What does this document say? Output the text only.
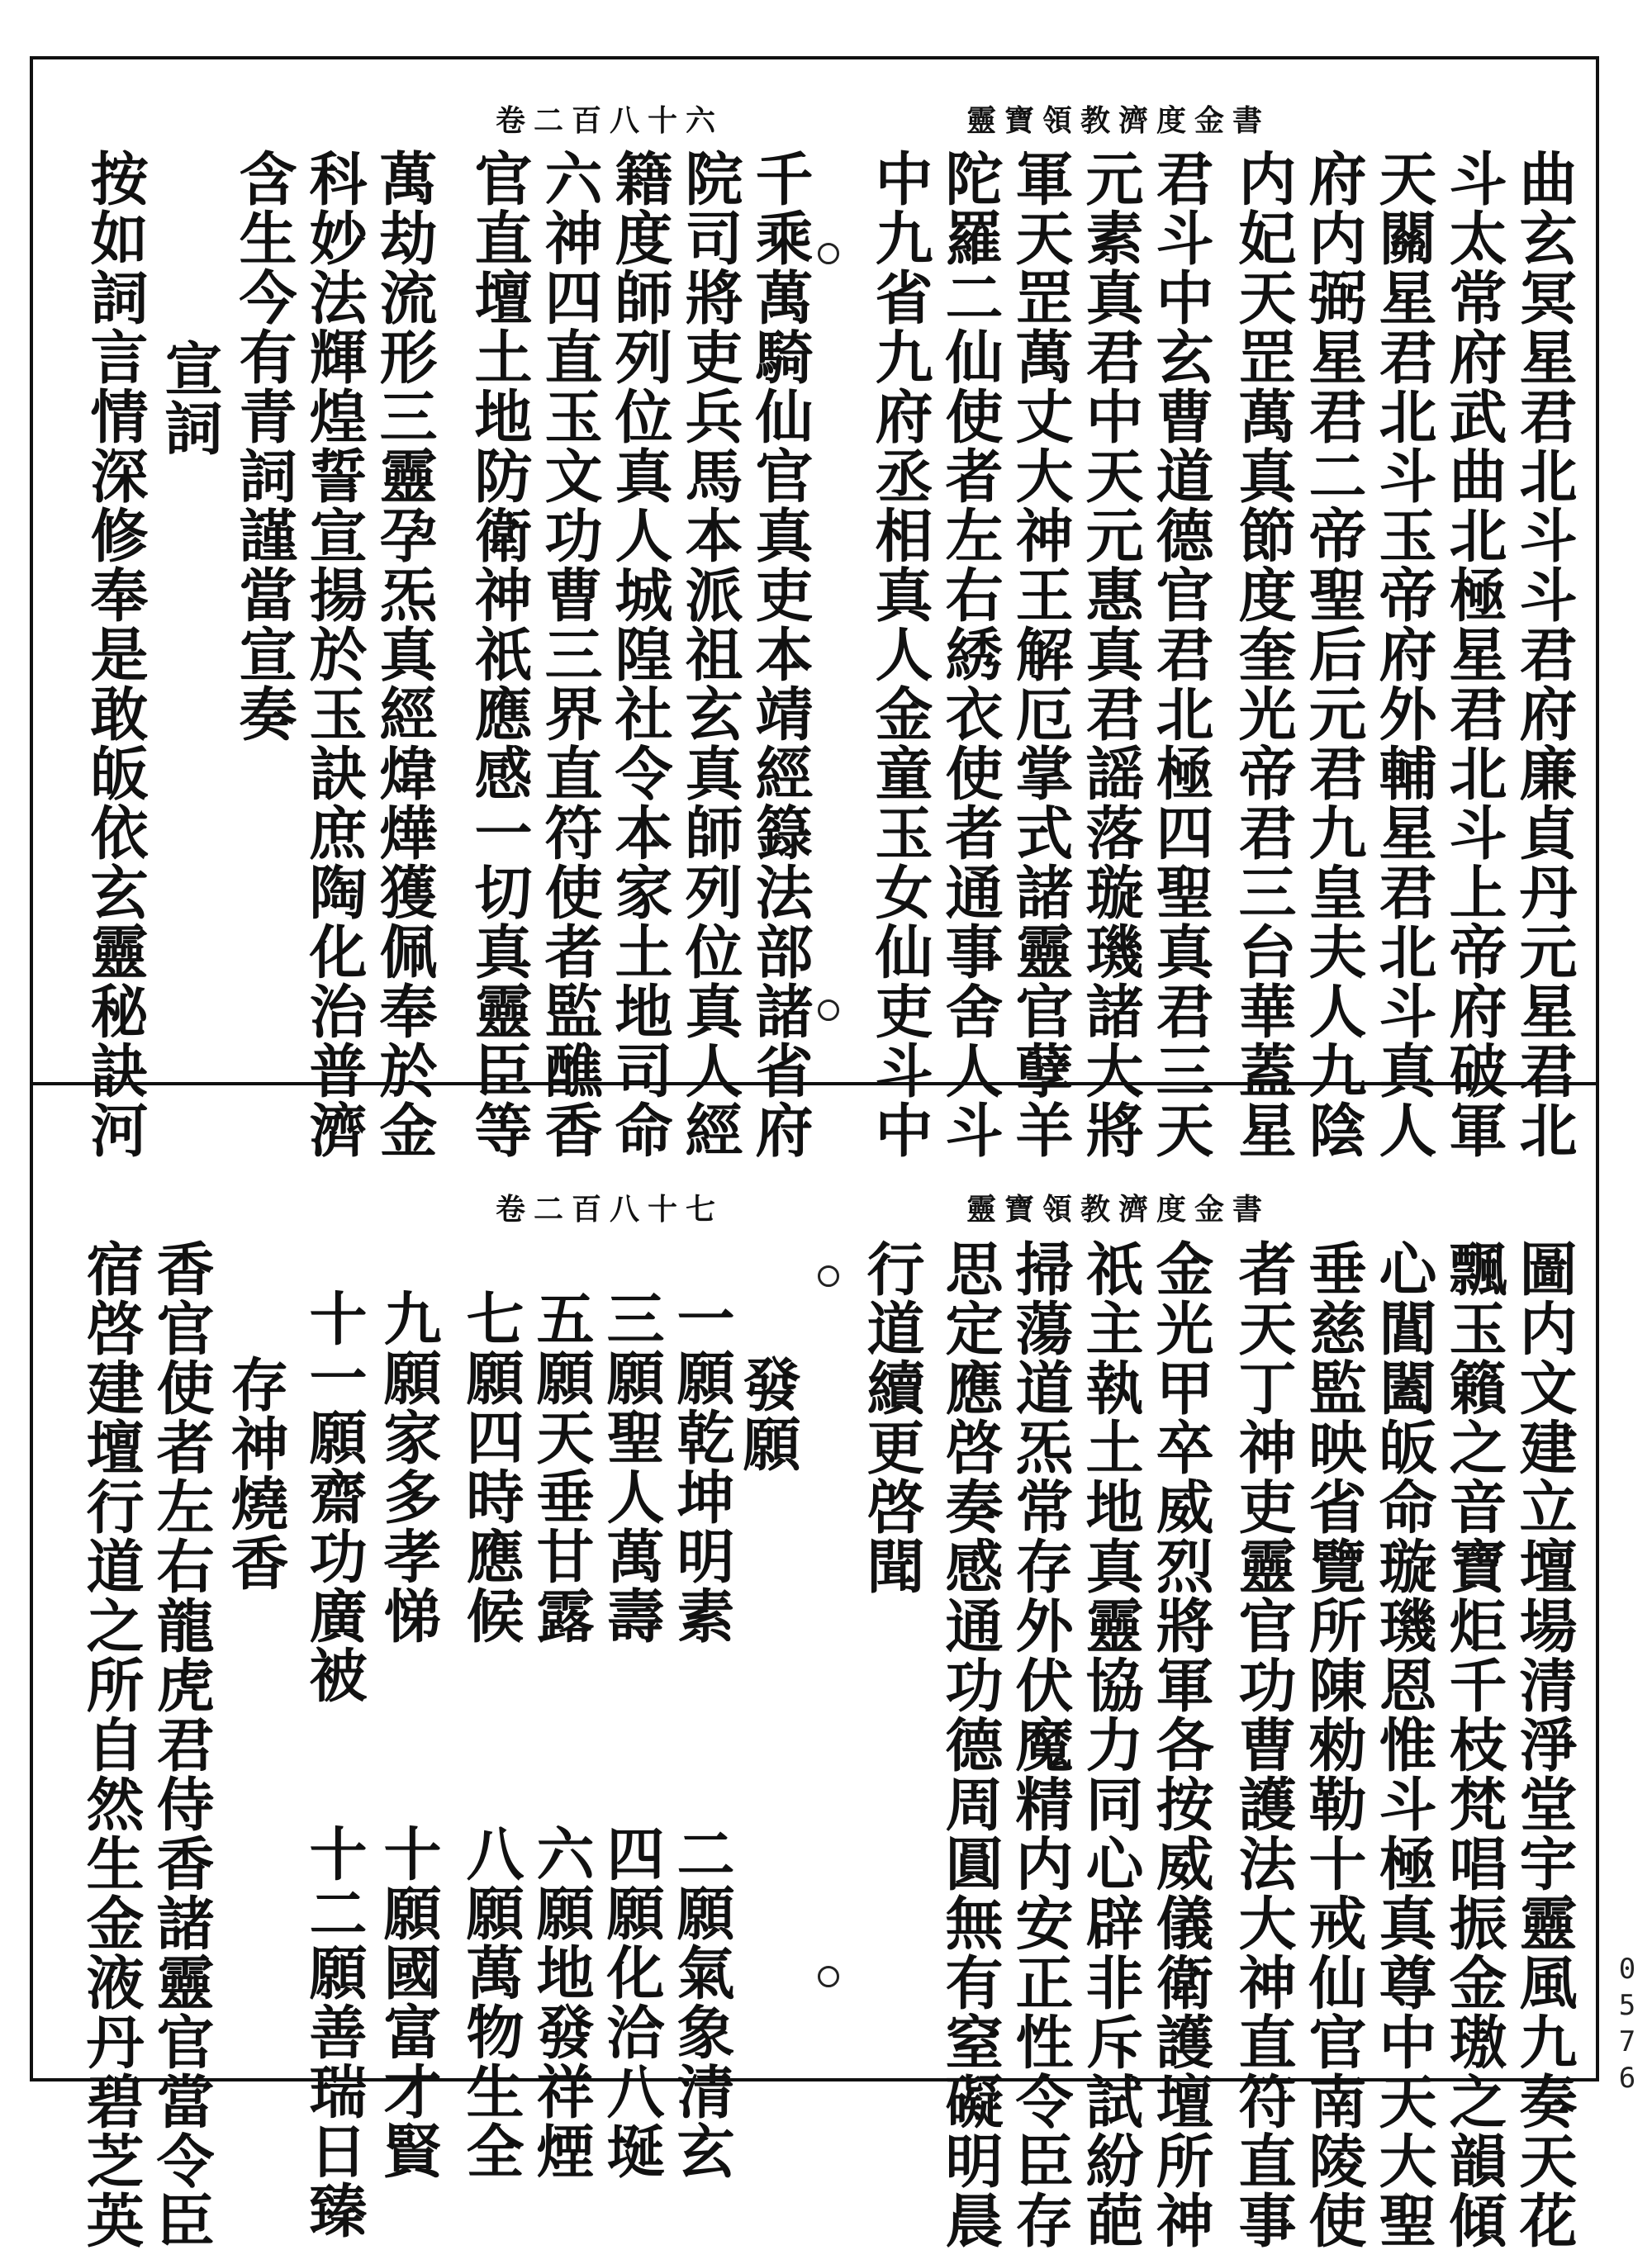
0
5
7
6
靈寶領教濟度金書
卷二百八十六
曲玄冥星君北斗斗君府廉貞丹元星君北
斗太常府武曲北極星君北斗上帝府破軍
天關星君北斗玉帝府外輔星君北斗真人
府内弼星君二帝聖后元君九皇夫人九陰
内妃天罡萬真節度奎光帝君三台華蓋星
君斗中玄曹道德官君北極四聖真君三天
元素真君中天元惠真君謡落璇璣諸大將
軍天罡萬丈大神王解厄掌式諸靈官孽羊
陀羅二仙使者左右綉衣使者通事舍人斗
中九省九府丞相真人金童玉女仙吏斗中
千乘萬騎仙官真吏本靖經籙法部諸省府
院司將吏兵馬本派祖玄真師列位真人經
籍度師列位真人城隍社令本家土地司命
六神四直玉文功曹三界直符使者監醮香
官直壇土地防衛神祇應感一切真靈臣等
萬劫流形三靈孕炁真經煒燁獲佩奉於金
科妙法輝煌誓宣揚於玉訣庶陶化治普濟
含生今有青詞謹當宣奏
宣詞
按如詞言情深修奉是敢皈依玄靈秘訣河
靈寶領教濟度金書
卷二百八十七
圖内文建立壇場清淨堂宇靈風九奏天花
飄玉籟之音寶炬千枝梵唱振金璈之韻傾
心閶闔皈命璇璣恩惟斗極真尊中天大聖
垂慈監映省覽所陳勑勒十戒仙官南陵使
者天丁神吏靈官功曹護法大神直符直事
金光甲卒威烈將軍各按威儀衛護壇所神
祇主執土地真靈協力同心辟非斥試紛葩
掃蕩道炁常存外伏魔精内安正性令臣存
思定應啓奏感通功德周圓無有窒礙明晨
行道續更啓聞
發願
一願乾坤明素　　　二願氣象清玄
三願聖人萬壽　　　四願化洽八埏
五願天垂甘露　　　六願地發祥煙
七願四時應候　　　八願萬物生全
九願家多孝悌　　　十願國富才賢
十一願齋功廣被　　十二願善瑞日臻
存神燒香
香官使者左右龍虎君侍香諸靈官當令臣
宿啓建壇行道之所自然生金液丹碧芝英
